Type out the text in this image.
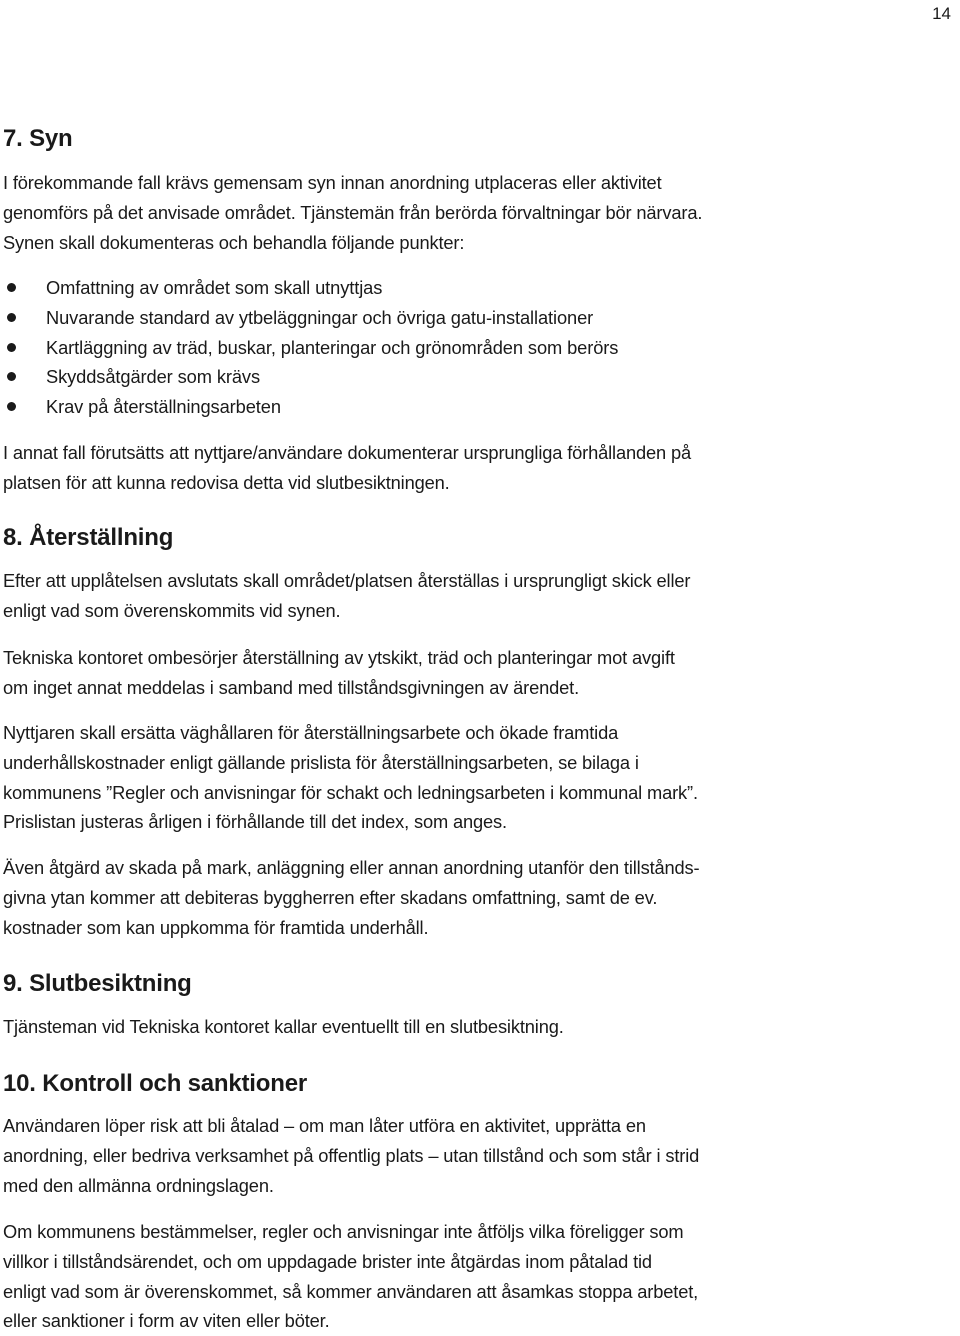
14
7. Syn

I förekommande fall krävs gemensam syn innan anordning utplaceras eller aktivitet

genomförs på det anvisade området. Tjänstemän från berörda förvaltningar bör närvara.

Synen skall dokumenteras och behandla följande punkter:

Omfattning av området som skall utnyttjas
Nuvarande standard av ytbeläggningar och övriga gatu-installationer
Kartläggning av träd, buskar, planteringar och grönområden som berörs
Skyddsåtgärder som krävs
Krav på återställningsarbeten

I annat fall förutsätts att nyttjare/användare dokumenterar ursprungliga förhållanden på

platsen för att kunna redovisa detta vid slutbesiktningen.

8. Återställning

Efter att upplåtelsen avslutats skall området/platsen återställas i ursprungligt skick eller

enligt vad som överenskommits vid synen.

Tekniska kontoret ombesörjer återställning av ytskikt, träd och planteringar mot avgift

om inget annat meddelas i samband med tillståndsgivningen av ärendet.

Nyttjaren skall ersätta väghållaren för återställningsarbete och ökade framtida

underhållskostnader enligt gällande prislista för återställningsarbeten, se bilaga i

kommunens ”Regler och anvisningar för schakt och ledningsarbeten i kommunal mark”.

Prislistan justeras årligen i förhållande till det index, som anges.

Även åtgärd av skada på mark, anläggning eller annan anordning utanför den tillstånds-

givna ytan kommer att debiteras byggherren efter skadans omfattning, samt de ev.

kostnader som kan uppkomma för framtida underhåll.

9. Slutbesiktning

Tjänsteman vid Tekniska kontoret kallar eventuellt till en slutbesiktning.

10. Kontroll och sanktioner

Användaren löper risk att bli åtalad – om man låter utföra en aktivitet, upprätta en

anordning, eller bedriva verksamhet på offentlig plats – utan tillstånd och som står i strid

med den allmänna ordningslagen.

Om kommunens bestämmelser, regler och anvisningar inte åtföljs vilka föreligger som

villkor i tillståndsärendet, och om uppdagade brister inte åtgärdas inom påtalad tid

enligt vad som är överenskommet, så kommer användaren att åsamkas stoppa arbetet,

eller sanktioner i form av viten eller böter.
